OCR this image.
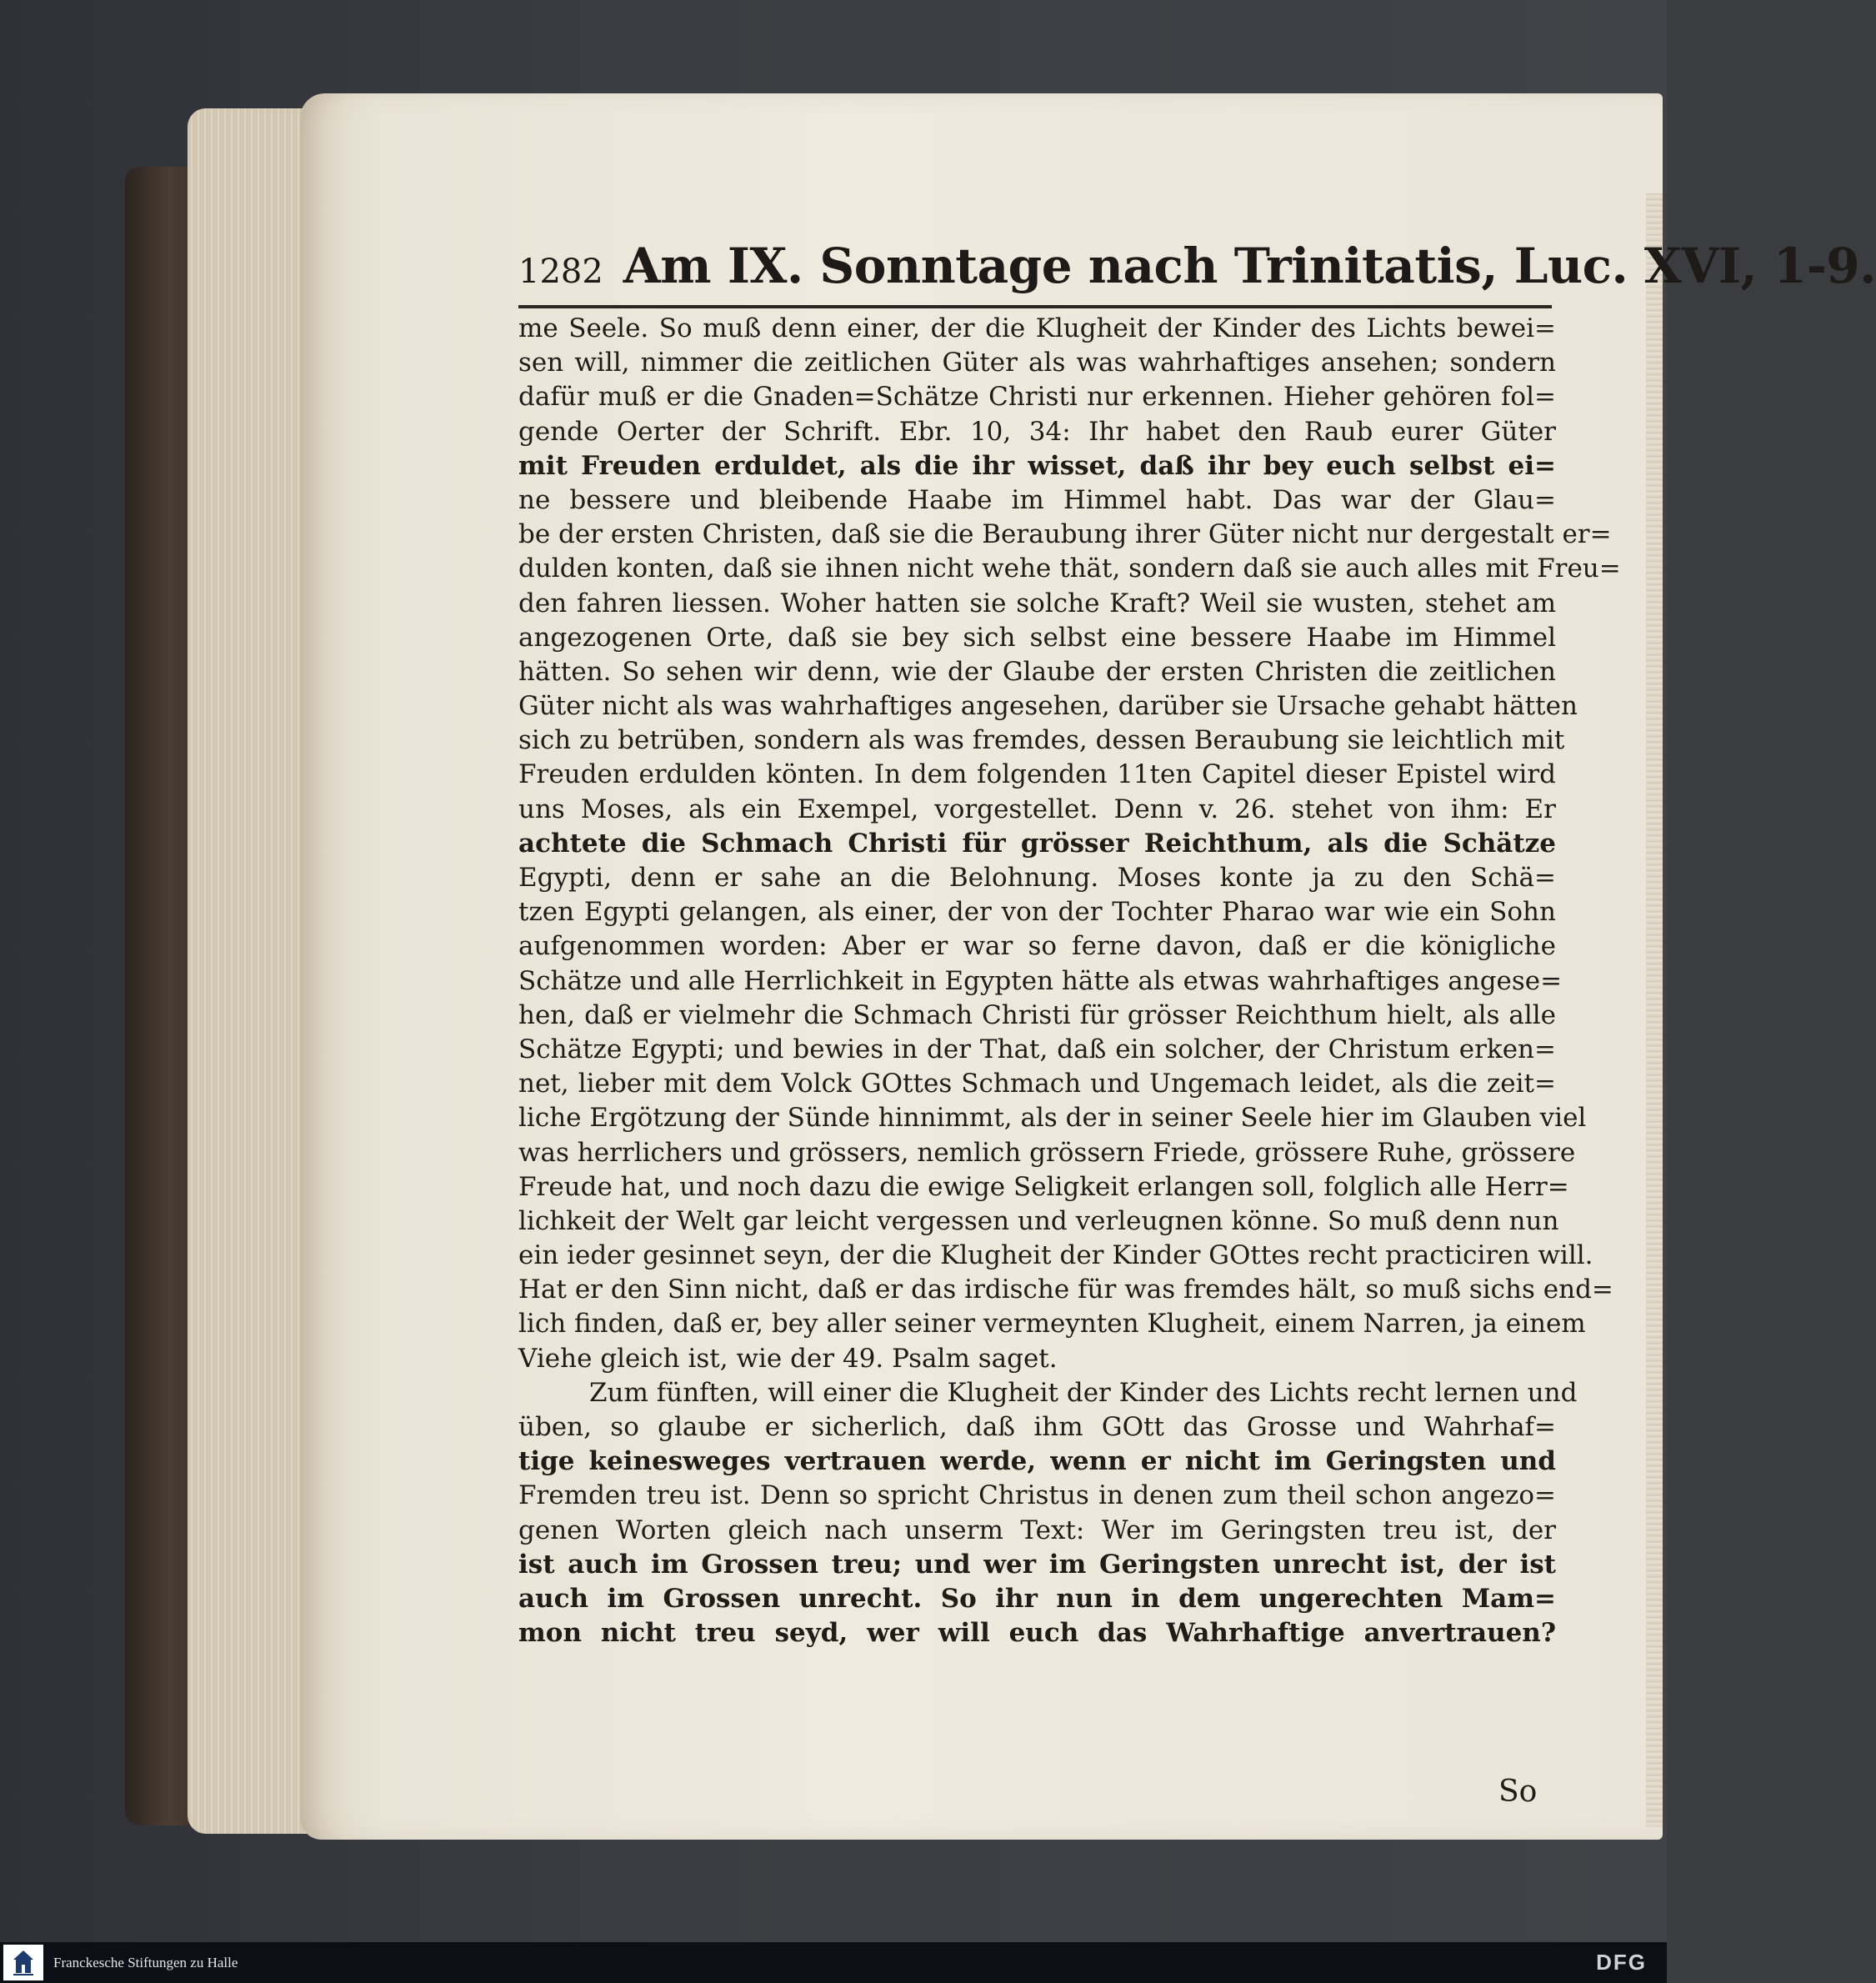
1282 Am IX. Sonntage nach Trinitatis, Luc. XVI, 1-9.
me Seele. So muß denn einer, der die Klugheit der Kinder des Lichts bewei=
sen will, nimmer die zeitlichen Güter als was wahrhaftiges ansehen; sondern
dafür muß er die Gnaden=Schätze Christi nur erkennen. Hieher gehören fol=
gende Oerter der Schrift. Ebr. 10, 34: Ihr habet den Raub eurer Güter
mit Freuden erduldet, als die ihr wisset, daß ihr bey euch selbst ei=
ne bessere und bleibende Haabe im Himmel habt. Das war der Glau=
be der ersten Christen, daß sie die Beraubung ihrer Güter nicht nur dergestalt er=
dulden konten, daß sie ihnen nicht wehe thät, sondern daß sie auch alles mit Freu=
den fahren liessen. Woher hatten sie solche Kraft? Weil sie wusten, stehet am
angezogenen Orte, daß sie bey sich selbst eine bessere Haabe im Himmel
hätten. So sehen wir denn, wie der Glaube der ersten Christen die zeitlichen
Güter nicht als was wahrhaftiges angesehen, darüber sie Ursache gehabt hätten
sich zu betrüben, sondern als was fremdes, dessen Beraubung sie leichtlich mit
Freuden erdulden könten. In dem folgenden 11ten Capitel dieser Epistel wird
uns Moses, als ein Exempel, vorgestellet. Denn v. 26. stehet von ihm: Er
achtete die Schmach Christi für grösser Reichthum, als die Schätze
Egypti, denn er sahe an die Belohnung. Moses konte ja zu den Schä=
tzen Egypti gelangen, als einer, der von der Tochter Pharao war wie ein Sohn
aufgenommen worden: Aber er war so ferne davon, daß er die königliche
Schätze und alle Herrlichkeit in Egypten hätte als etwas wahrhaftiges angese=
hen, daß er vielmehr die Schmach Christi für grösser Reichthum hielt, als alle
Schätze Egypti; und bewies in der That, daß ein solcher, der Christum erken=
net, lieber mit dem Volck GOttes Schmach und Ungemach leidet, als die zeit=
liche Ergötzung der Sünde hinnimmt, als der in seiner Seele hier im Glauben viel
was herrlichers und grössers, nemlich grössern Friede, grössere Ruhe, grössere
Freude hat, und noch dazu die ewige Seligkeit erlangen soll, folglich alle Herr=
lichkeit der Welt gar leicht vergessen und verleugnen könne. So muß denn nun
ein ieder gesinnet seyn, der die Klugheit der Kinder GOttes recht practiciren will.
Hat er den Sinn nicht, daß er das irdische für was fremdes hält, so muß sichs end=
lich finden, daß er, bey aller seiner vermeynten Klugheit, einem Narren, ja einem
Viehe gleich ist, wie der 49. Psalm saget.
Zum fünften, will einer die Klugheit der Kinder des Lichts recht lernen und
üben, so glaube er sicherlich, daß ihm GOtt das Grosse und Wahrhaf=
tige keinesweges vertrauen werde, wenn er nicht im Geringsten und
Fremden treu ist. Denn so spricht Christus in denen zum theil schon angezo=
genen Worten gleich nach unserm Text: Wer im Geringsten treu ist, der
ist auch im Grossen treu; und wer im Geringsten unrecht ist, der ist
auch im Grossen unrecht. So ihr nun in dem ungerechten Mam=
mon nicht treu seyd, wer will euch das Wahrhaftige anvertrauen?
So
Franckesche Stiftungen zu Halle	DFG
